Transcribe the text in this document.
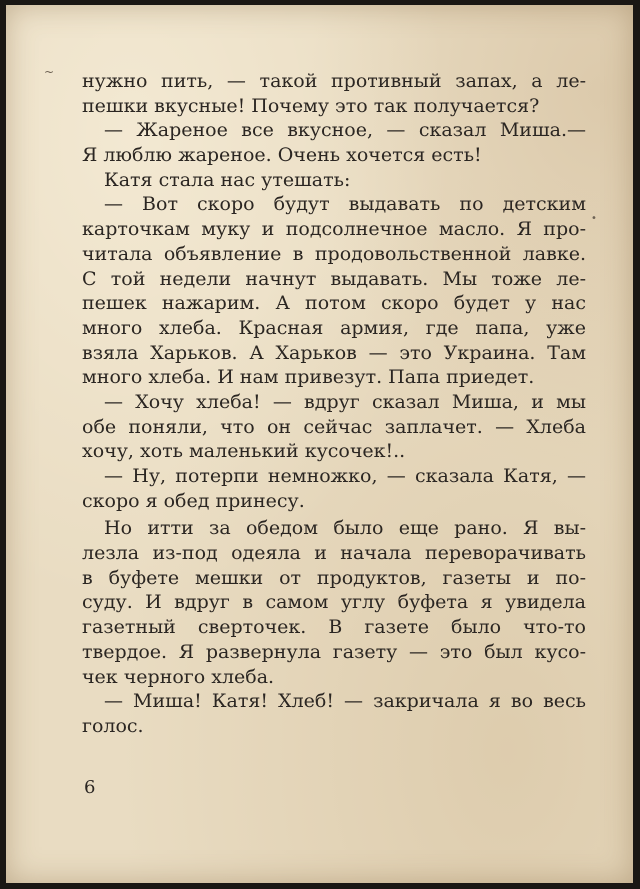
~
•
нужно пить, — такой противный запах, а ле-
пешки вкусные! Почему это так получается?
— Жареное все вкусное, — сказал Миша.—
Я люблю жареное. Очень хочется есть!
Катя стала нас утешать:
— Вот скоро будут выдавать по детским
карточкам муку и подсолнечное масло. Я про-
читала объявление в продовольственной лавке.
С той недели начнут выдавать. Мы тоже ле-
пешек нажарим. А потом скоро будет у нас
много хлеба. Красная армия, где папа, уже
взяла Харьков. А Харьков — это Украина. Там
много хлеба. И нам привезут. Папа приедет.
— Хочу хлеба! — вдруг сказал Миша, и мы
обе поняли, что он сейчас заплачет. — Хлеба
хочу, хоть маленький кусочек!..
— Ну, потерпи немножко, — сказала Катя, —
скоро я обед принесу.
Но итти за обедом было еще рано. Я вы-
лезла из-под одеяла и начала переворачивать
в буфете мешки от продуктов, газеты и по-
суду. И вдруг в самом углу буфета я увидела
газетный сверточек. В газете было что-то
твердое. Я развернула газету — это был кусо-
чек черного хлеба.
— Миша! Катя! Хлеб! — закричала я во весь
голос.
6
